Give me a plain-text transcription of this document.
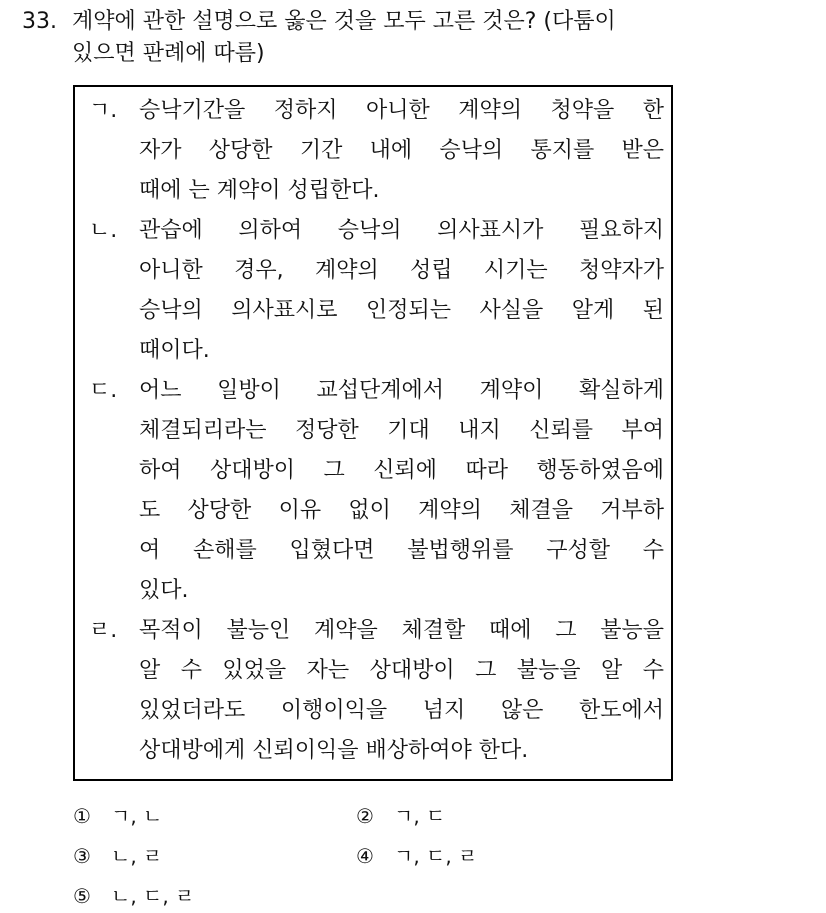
33. 계약에 관한 설명으로 옳은 것을 모두 고른 것은? (다툼이
있으면 판례에 따름)
ㄱ. 승낙기간을 정하지 아니한 계약의 청약을 한
자가 상당한 기간 내에 승낙의 통지를 받은
때에 는 계약이 성립한다.
ㄴ. 관습에 의하여 승낙의 의사표시가 필요하지
아니한 경우, 계약의 성립 시기는 청약자가
승낙의 의사표시로 인정되는 사실을 알게 된
때이다.
ㄷ. 어느 일방이 교섭단계에서 계약이 확실하게
체결되리라는 정당한 기대 내지 신뢰를 부여
하여 상대방이 그 신뢰에 따라 행동하였음에
도 상당한 이유 없이 계약의 체결을 거부하
여 손해를 입혔다면 불법행위를 구성할 수
있다.
ㄹ. 목적이 불능인 계약을 체결할 때에 그 불능을
알 수 있었을 자는 상대방이 그 불능을 알 수
있었더라도 이행이익을 넘지 않은 한도에서
상대방에게 신뢰이익을 배상하여야 한다.
① ㄱ, ㄴ	② ㄱ, ㄷ
③ ㄴ, ㄹ	④ ㄱ, ㄷ, ㄹ
⑤ ㄴ, ㄷ, ㄹ
